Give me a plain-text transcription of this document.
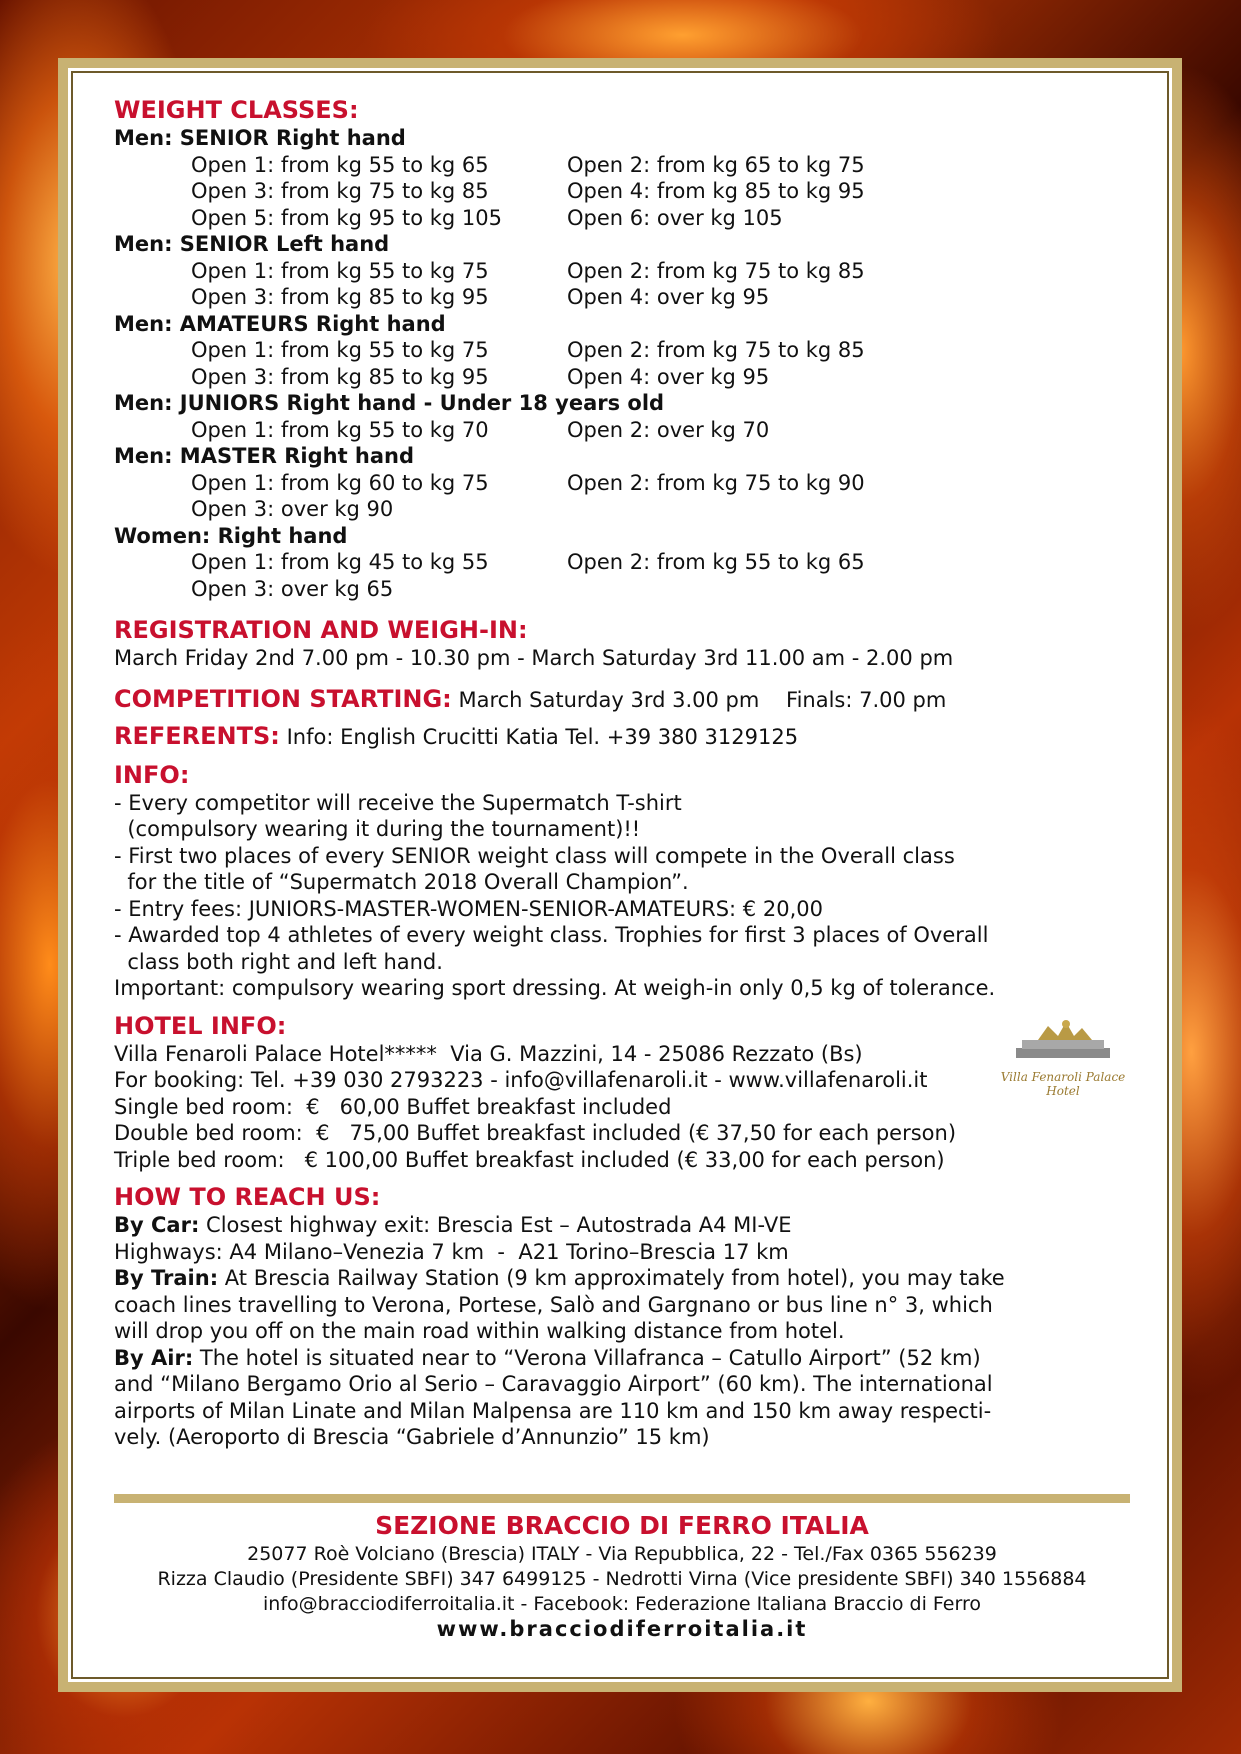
WEIGHT CLASSES:
Men: SENIOR Right hand
Open 1: from kg 55 to kg 65	Open 2: from kg 65 to kg 75
Open 3: from kg 75 to kg 85	Open 4: from kg 85 to kg 95
Open 5: from kg 95 to kg 105	Open 6: over kg 105
Men: SENIOR Left hand
Open 1: from kg 55 to kg 75	Open 2: from kg 75 to kg 85
Open 3: from kg 85 to kg 95	Open 4: over kg 95
Men: AMATEURS Right hand
Open 1: from kg 55 to kg 75	Open 2: from kg 75 to kg 85
Open 3: from kg 85 to kg 95	Open 4: over kg 95
Men: JUNIORS Right hand - Under 18 years old
Open 1: from kg 55 to kg 70	Open 2: over kg 70
Men: MASTER Right hand
Open 1: from kg 60 to kg 75	Open 2: from kg 75 to kg 90
Open 3: over kg 90
Women: Right hand
Open 1: from kg 45 to kg 55	Open 2: from kg 55 to kg 65
Open 3: over kg 65
REGISTRATION AND WEIGH-IN:
March Friday 2nd 7.00 pm - 10.30 pm - March Saturday 3rd 11.00 am - 2.00 pm
COMPETITION STARTING: March Saturday 3rd 3.00 pm    Finals: 7.00 pm
REFERENTS: Info: English Crucitti Katia Tel. +39 380 3129125
INFO:
- Every competitor will receive the Supermatch T-shirt
(compulsory wearing it during the tournament)!!
- First two places of every SENIOR weight class will compete in the Overall class
for the title of “Supermatch 2018 Overall Champion”.
- Entry fees: JUNIORS-MASTER-WOMEN-SENIOR-AMATEURS: € 20,00
- Awarded top 4 athletes of every weight class. Trophies for first 3 places of Overall
class both right and left hand.
Important: compulsory wearing sport dressing. At weigh-in only 0,5 kg of tolerance.
HOTEL INFO:
Villa Fenaroli Palace Hotel*****  Via G. Mazzini, 14 - 25086 Rezzato (Bs)
For booking: Tel. +39 030 2793223 - info@villafenaroli.it - www.villafenaroli.it
Single bed room:  €   60,00 Buffet breakfast included
Double bed room:  €   75,00 Buffet breakfast included (€ 37,50 for each person)
Triple bed room:   € 100,00 Buffet breakfast included (€ 33,00 for each person)
HOW TO REACH US:
By Car: Closest highway exit: Brescia Est – Autostrada A4 MI-VE
Highways: A4 Milano–Venezia 7 km  -  A21 Torino–Brescia 17 km
By Train: At Brescia Railway Station (9 km approximately from hotel), you may take
coach lines travelling to Verona, Portese, Salò and Gargnano or bus line n° 3, which
will drop you off on the main road within walking distance from hotel.
By Air: The hotel is situated near to “Verona Villafranca – Catullo Airport” (52 km)
and “Milano Bergamo Orio al Serio – Caravaggio Airport” (60 km). The international
airports of Milan Linate and Milan Malpensa are 110 km and 150 km away respecti-
vely. (Aeroporto di Brescia “Gabriele d’Annunzio” 15 km)
Villa Fenaroli Palace Hotel
SEZIONE BRACCIO DI FERRO ITALIA
25077 Roè Volciano (Brescia) ITALY - Via Repubblica, 22 - Tel./Fax 0365 556239
Rizza Claudio (Presidente SBFI) 347 6499125 - Nedrotti Virna (Vice presidente SBFI) 340 1556884
info@bracciodiferroitalia.it - Facebook: Federazione Italiana Braccio di Ferro
www.bracciodiferroitalia.it
